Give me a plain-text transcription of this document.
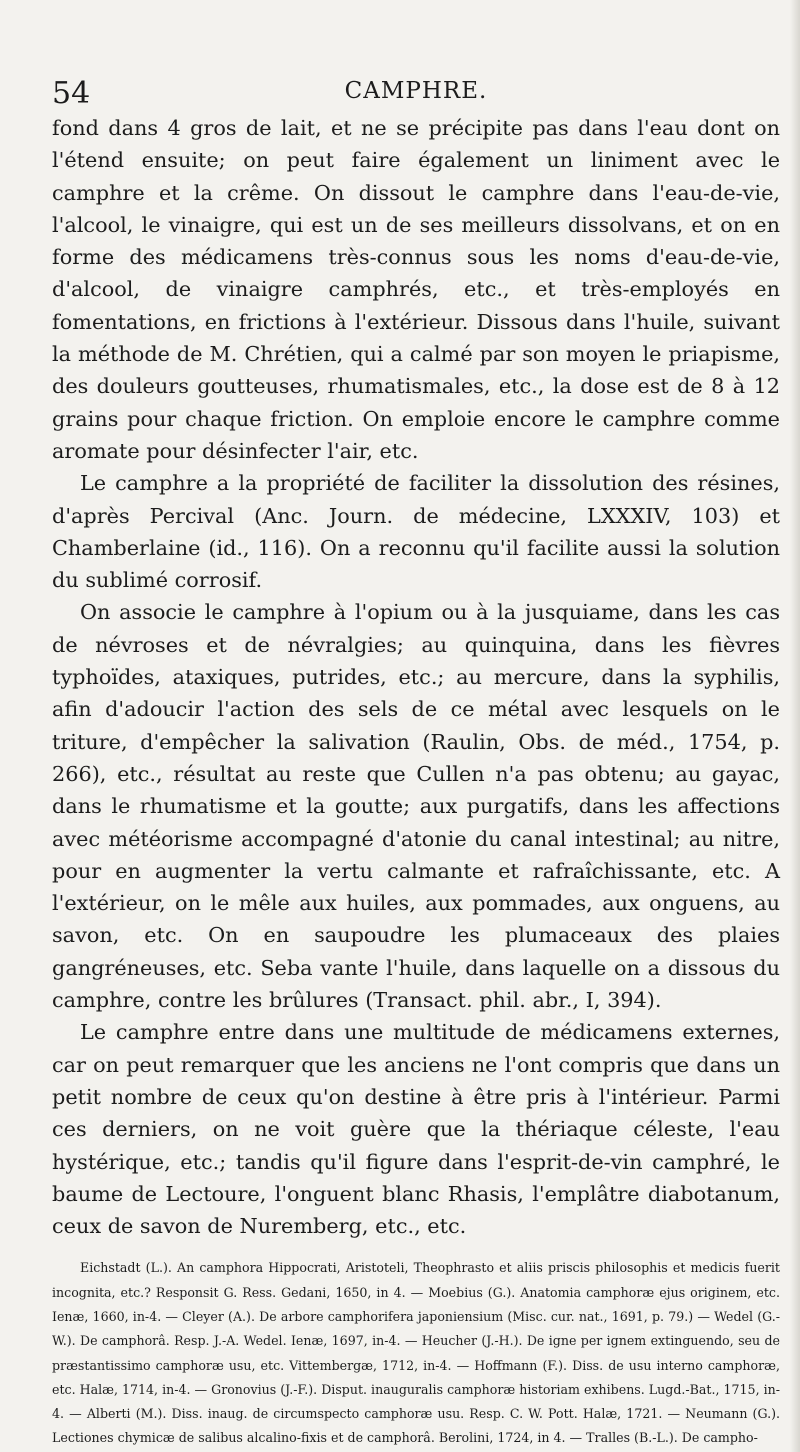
54	CAMPHRE.

fond dans 4 gros de lait, et ne se précipite pas dans l'eau dont on l'étend ensuite; on peut faire également un liniment avec le camphre et la crême. On dissout le camphre dans l'eau-de-vie, l'alcool, le vinaigre, qui est un de ses meilleurs dissolvans, et on en forme des médicamens très-connus sous les noms d'eau-de-vie, d'alcool, de vinaigre camphrés, etc., et très-employés en fomentations, en frictions à l'extérieur. Dissous dans l'huile, suivant la méthode de M. Chrétien, qui a calmé par son moyen le priapisme, des douleurs goutteuses, rhumatismales, etc., la dose est de 8 à 12 grains pour chaque friction. On emploie encore le camphre comme aromate pour désinfecter l'air, etc.

Le camphre a la propriété de faciliter la dissolution des résines, d'après Percival (Anc. Journ. de médecine, LXXXIV, 103) et Chamberlaine (id., 116). On a reconnu qu'il facilite aussi la solution du sublimé corrosif.

On associe le camphre à l'opium ou à la jusquiame, dans les cas de névroses et de névralgies; au quinquina, dans les fièvres typhoïdes, ataxiques, putrides, etc.; au mercure, dans la syphilis, afin d'adoucir l'action des sels de ce métal avec lesquels on le triture, d'empêcher la salivation (Raulin, Obs. de méd., 1754, p. 266), etc., résultat au reste que Cullen n'a pas obtenu; au gayac, dans le rhumatisme et la goutte; aux purgatifs, dans les affections avec météorisme accompagné d'atonie du canal intestinal; au nitre, pour en augmenter la vertu calmante et rafraîchissante, etc. A l'extérieur, on le mêle aux huiles, aux pommades, aux onguens, au savon, etc. On en saupoudre les plumaceaux des plaies gangréneuses, etc. Seba vante l'huile, dans laquelle on a dissous du camphre, contre les brûlures (Transact. phil. abr., I, 394).

Le camphre entre dans une multitude de médicamens externes, car on peut remarquer que les anciens ne l'ont compris que dans un petit nombre de ceux qu'on destine à être pris à l'intérieur. Parmi ces derniers, on ne voit guère que la thériaque céleste, l'eau hystérique, etc.; tandis qu'il figure dans l'esprit-de-vin camphré, le baume de Lectoure, l'onguent blanc Rhasis, l'emplâtre diabotanum, ceux de savon de Nuremberg, etc., etc.

Eichstadt (L.). An camphora Hippocrati, Aristoteli, Theophrasto et aliis priscis philosophis et medicis fuerit incognita, etc.? Responsit G. Ress. Gedani, 1650, in 4. — Moebius (G.). Anatomia camphoræ ejus originem, etc. Ienæ, 1660, in-4. — Cleyer (A.). De arbore camphorifera japoniensium (Misc. cur. nat., 1691, p. 79.) — Wedel (G.-W.). De camphorâ. Resp. J.-A. Wedel. Ienæ, 1697, in-4. — Heucher (J.-H.). De igne per ignem extinguendo, seu de præstantissimo camphoræ usu, etc. Vittembergæ, 1712, in-4. — Hoffmann (F.). Diss. de usu interno camphoræ, etc. Halæ, 1714, in-4. — Gronovius (J.-F.). Disput. inauguralis camphoræ historiam exhibens. Lugd.-Bat., 1715, in-4. — Alberti (M.). Diss. inaug. de circumspecto camphoræ usu. Resp. C. W. Pott. Halæ, 1721. — Neumann (G.). Lectiones chymicæ de salibus alcalino-fixis et de camphorâ. Berolini, 1724, in 4. — Tralles (B.-L.). De campho-
